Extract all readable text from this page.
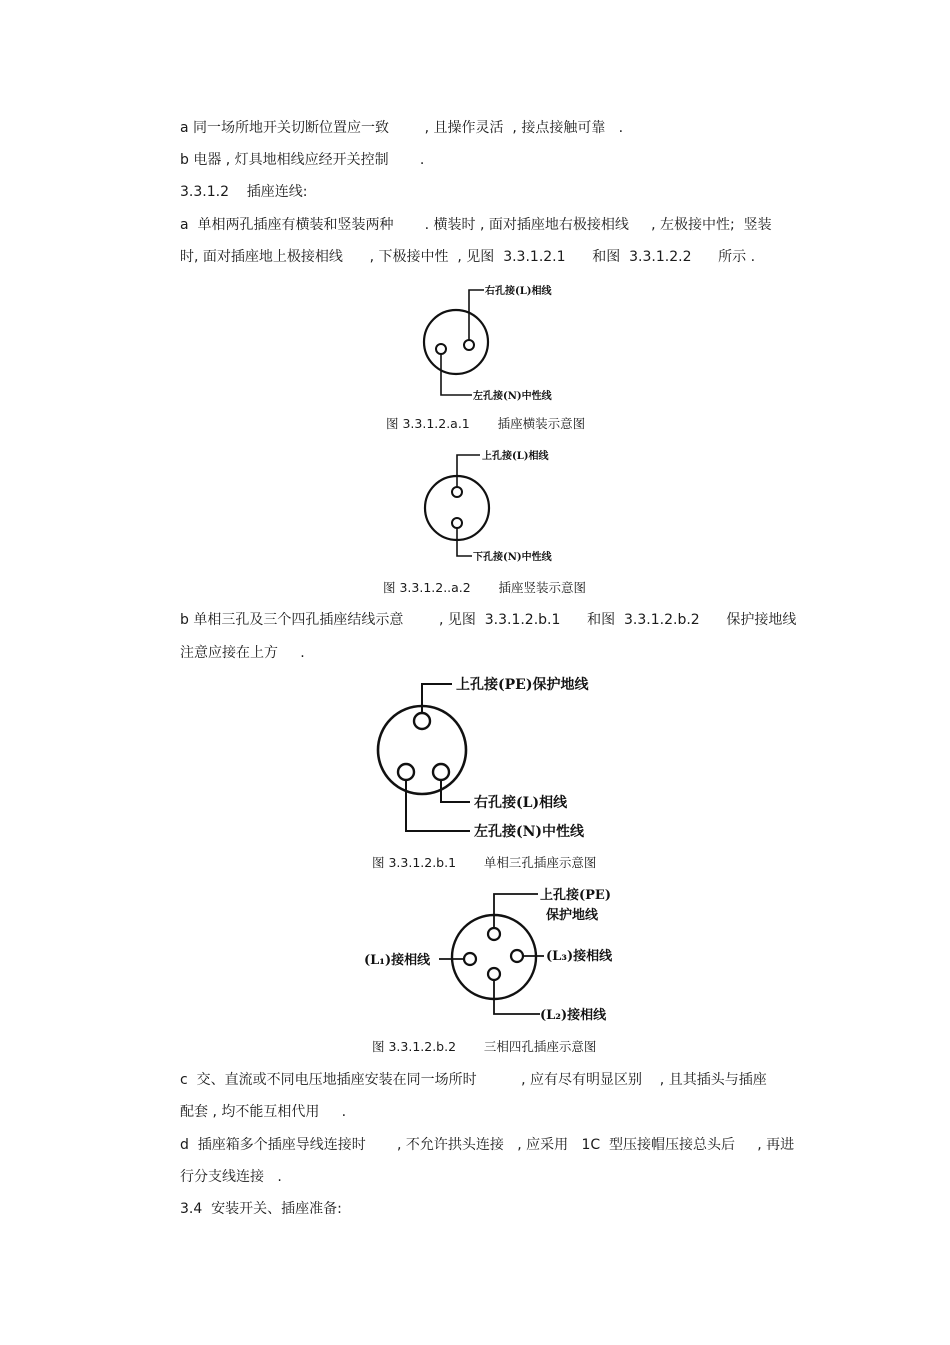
a 同一场所地开关切断位置应一致        , 且操作灵活  , 接点接触可靠   .
b 电器 , 灯具地相线应经开关控制       .
3.3.1.2    插座连线:
a  单相两孔插座有横装和竖装两种       . 横装时 , 面对插座地右极接相线     , 左极接中性;  竖装
时, 面对插座地上极接相线      , 下极接中性  , 见图  3.3.1.2.1      和图  3.3.1.2.2      所示 .
右孔接(L)相线
左孔接(N)中性线
图 3.3.1.2.a.1       插座横装示意图
上孔接(L)相线
下孔接(N)中性线
图 3.3.1.2..a.2       插座竖装示意图
b 单相三孔及三个四孔插座结线示意        , 见图  3.3.1.2.b.1      和图  3.3.1.2.b.2      保护接地线
注意应接在上方     .
上孔接(PE)保护地线
右孔接(L)相线
左孔接(N)中性线
图 3.3.1.2.b.1       单相三孔插座示意图
上孔接(PE)
保护地线
(L₁)接相线	(L₃)接相线
(L₂)接相线
图 3.3.1.2.b.2       三相四孔插座示意图
c  交、直流或不同电压地插座安装在同一场所时          , 应有尽有明显区别    , 且其插头与插座
配套 , 均不能互相代用     .
d  插座箱多个插座导线连接时       , 不允许拱头连接   , 应采用   1C  型压接帽压接总头后     , 再进
行分支线连接   .
3.4  安装开关、插座准备:
